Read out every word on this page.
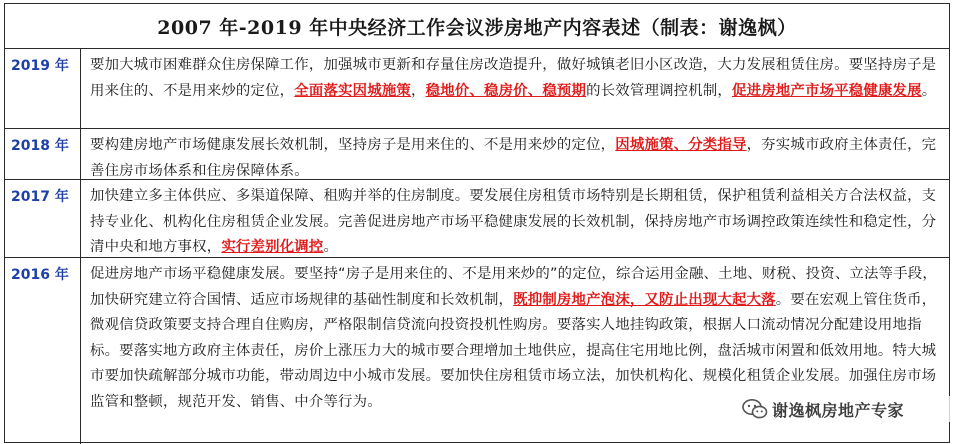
2007 年-2019 年中央经济工作会议涉房地产内容表述（制表：谢逸枫）
2019 年	要加大城市困难群众住房保障工作，加强城市更新和存量住房改造提升，做好城镇老旧小区改造，大力发展租赁住房。要坚持房子是用来住的、不是用来炒的定位，全面落实因城施策，稳地价、稳房价、稳预期的长效管理调控机制，促进房地产市场平稳健康发展。
2018 年	要构建房地产市场健康发展长效机制，坚持房子是用来住的、不是用来炒的定位，因城施策、分类指导，夯实城市政府主体责任，完善住房市场体系和住房保障体系。
2017 年	加快建立多主体供应、多渠道保障、租购并举的住房制度。要发展住房租赁市场特别是长期租赁，保护租赁利益相关方合法权益，支持专业化、机构化住房租赁企业发展。完善促进房地产市场平稳健康发展的长效机制，保持房地产市场调控政策连续性和稳定性，分清中央和地方事权，实行差别化调控。
2016 年	促进房地产市场平稳健康发展。要坚持“房子是用来住的、不是用来炒的”的定位，综合运用金融、土地、财税、投资、立法等手段，加快研究建立符合国情、适应市场规律的基础性制度和长效机制，既抑制房地产泡沫，又防止出现大起大落。要在宏观上管住货币，微观信贷政策要支持合理自住购房，严格限制信贷流向投资投机性购房。要落实人地挂钩政策，根据人口流动情况分配建设用地指标。要落实地方政府主体责任，房价上涨压力大的城市要合理增加土地供应，提高住宅用地比例，盘活城市闲置和低效用地。特大城市要加快疏解部分城市功能，带动周边中小城市发展。要加快住房租赁市场立法，加快机构化、规模化租赁企业发展。加强住房市场监管和整顿，规范开发、销售、中介等行为。	谢逸枫房地产专家
